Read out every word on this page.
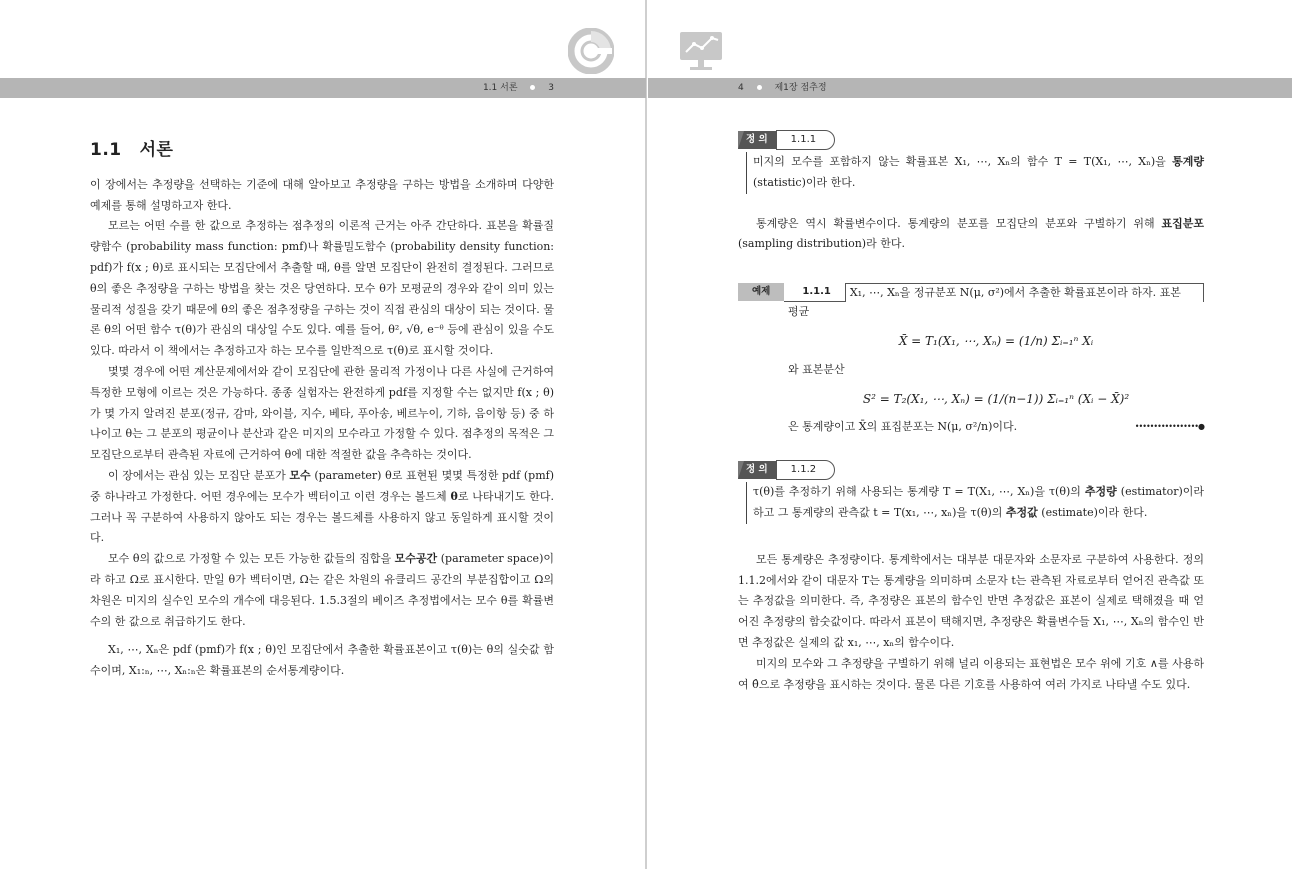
1.1 서론	3
1.1 서론

이 장에서는 추정량을 선택하는 기준에 대해 알아보고 추정량을 구하는 방법을 소개하며 다양한 예제를 통해 설명하고자 한다.

모르는 어떤 수를 한 값으로 추정하는 점추정의 이론적 근거는 아주 간단하다. 표본을 확률질량함수 (probability mass function: pmf)나 확률밀도함수 (probability density function: pdf)가 f(x ; θ)로 표시되는 모집단에서 추출할 때, θ를 알면 모집단이 완전히 결정된다. 그러므로 θ의 좋은 추정량을 구하는 방법을 찾는 것은 당연하다. 모수 θ가 모평균의 경우와 같이 의미 있는 물리적 성질을 갖기 때문에 θ의 좋은 점추정량을 구하는 것이 직접 관심의 대상이 되는 것이다. 물론 θ의 어떤 함수 τ(θ)가 관심의 대상일 수도 있다. 예를 들어, θ², √θ, e⁻ᶿ 등에 관심이 있을 수도 있다. 따라서 이 책에서는 추정하고자 하는 모수를 일반적으로 τ(θ)로 표시할 것이다.

몇몇 경우에 어떤 계산문제에서와 같이 모집단에 관한 물리적 가정이나 다른 사실에 근거하여 특정한 모형에 이르는 것은 가능하다. 종종 실험자는 완전하게 pdf를 지정할 수는 없지만 f(x ; θ)가 몇 가지 알려진 분포(정규, 감마, 와이블, 지수, 베타, 푸아송, 베르누이, 기하, 음이항 등) 중 하나이고 θ는 그 분포의 평균이나 분산과 같은 미지의 모수라고 가정할 수 있다. 점추정의 목적은 그 모집단으로부터 관측된 자료에 근거하여 θ에 대한 적절한 값을 추측하는 것이다.

이 장에서는 관심 있는 모집단 분포가 모수 (parameter) θ로 표현된 몇몇 특정한 pdf (pmf)중 하나라고 가정한다. 어떤 경우에는 모수가 벡터이고 이런 경우는 볼드체 θ로 나타내기도 한다. 그러나 꼭 구분하여 사용하지 않아도 되는 경우는 볼드체를 사용하지 않고 동일하게 표시할 것이다.

모수 θ의 값으로 가정할 수 있는 모든 가능한 값들의 집합을 모수공간 (parameter space)이라 하고 Ω로 표시한다. 만일 θ가 벡터이면, Ω는 같은 차원의 유클리드 공간의 부분집합이고 Ω의 차원은 미지의 실수인 모수의 개수에 대응된다. 1.5.3절의 베이즈 추정법에서는 모수 θ를 확률변수의 한 값으로 취급하기도 한다.

X₁, ⋯, Xₙ은 pdf (pmf)가 f(x ; θ)인 모집단에서 추출한 확률표본이고 τ(θ)는 θ의 실숫값 함수이며, X₁:ₙ, ⋯, Xₙ:ₙ은 확률표본의 순서통계량이다.

4	제1장 점추정
정 의	1.1.1
미지의 모수를 포함하지 않는 확률표본 X₁, ⋯, Xₙ의 함수 T = T(X₁, ⋯, Xₙ)을 통계량 (statistic)이라 한다.

통계량은 역시 확률변수이다. 통계량의 분포를 모집단의 분포와 구별하기 위해 표집분포 (sampling distribution)라 한다.

예제	1.1.1	X₁, ⋯, Xₙ을 정규분포 N(μ, σ²)에서 추출한 확률표본이라 하자. 표본

평균

X̄ = T₁(X₁, ⋯, Xₙ) = (1/n) Σᵢ₌₁ⁿ Xᵢ

와 표본분산

S² = T₂(X₁, ⋯, Xₙ) = (1/(n−1)) Σᵢ₌₁ⁿ (Xᵢ − X̄)²

은 통계량이고 X̄의 표집분포는 N(μ, σ²/n)이다.	•••••••••••••••••●

정 의	1.1.2
τ(θ)를 추정하기 위해 사용되는 통계량 T = T(X₁, ⋯, Xₙ)을 τ(θ)의 추정량 (estimator)이라 하고 그 통계량의 관측값 t = T(x₁, ⋯, xₙ)을 τ(θ)의 추정값 (estimate)이라 한다.

모든 통계량은 추정량이다. 통계학에서는 대부분 대문자와 소문자로 구분하여 사용한다. 정의 1.1.2에서와 같이 대문자 T는 통계량을 의미하며 소문자 t는 관측된 자료로부터 얻어진 관측값 또는 추정값을 의미한다. 즉, 추정량은 표본의 함수인 반면 추정값은 표본이 실제로 택해졌을 때 얻어진 추정량의 함숫값이다. 따라서 표본이 택해지면, 추정량은 확률변수들 X₁, ⋯, Xₙ의 함수인 반면 추정값은 실제의 값 x₁, ⋯, xₙ의 함수이다.

미지의 모수와 그 추정량을 구별하기 위해 널리 이용되는 표현법은 모수 위에 기호 ∧를 사용하여 θ̂으로 추정량을 표시하는 것이다. 물론 다른 기호를 사용하여 여러 가지로 나타낼 수도 있다.
